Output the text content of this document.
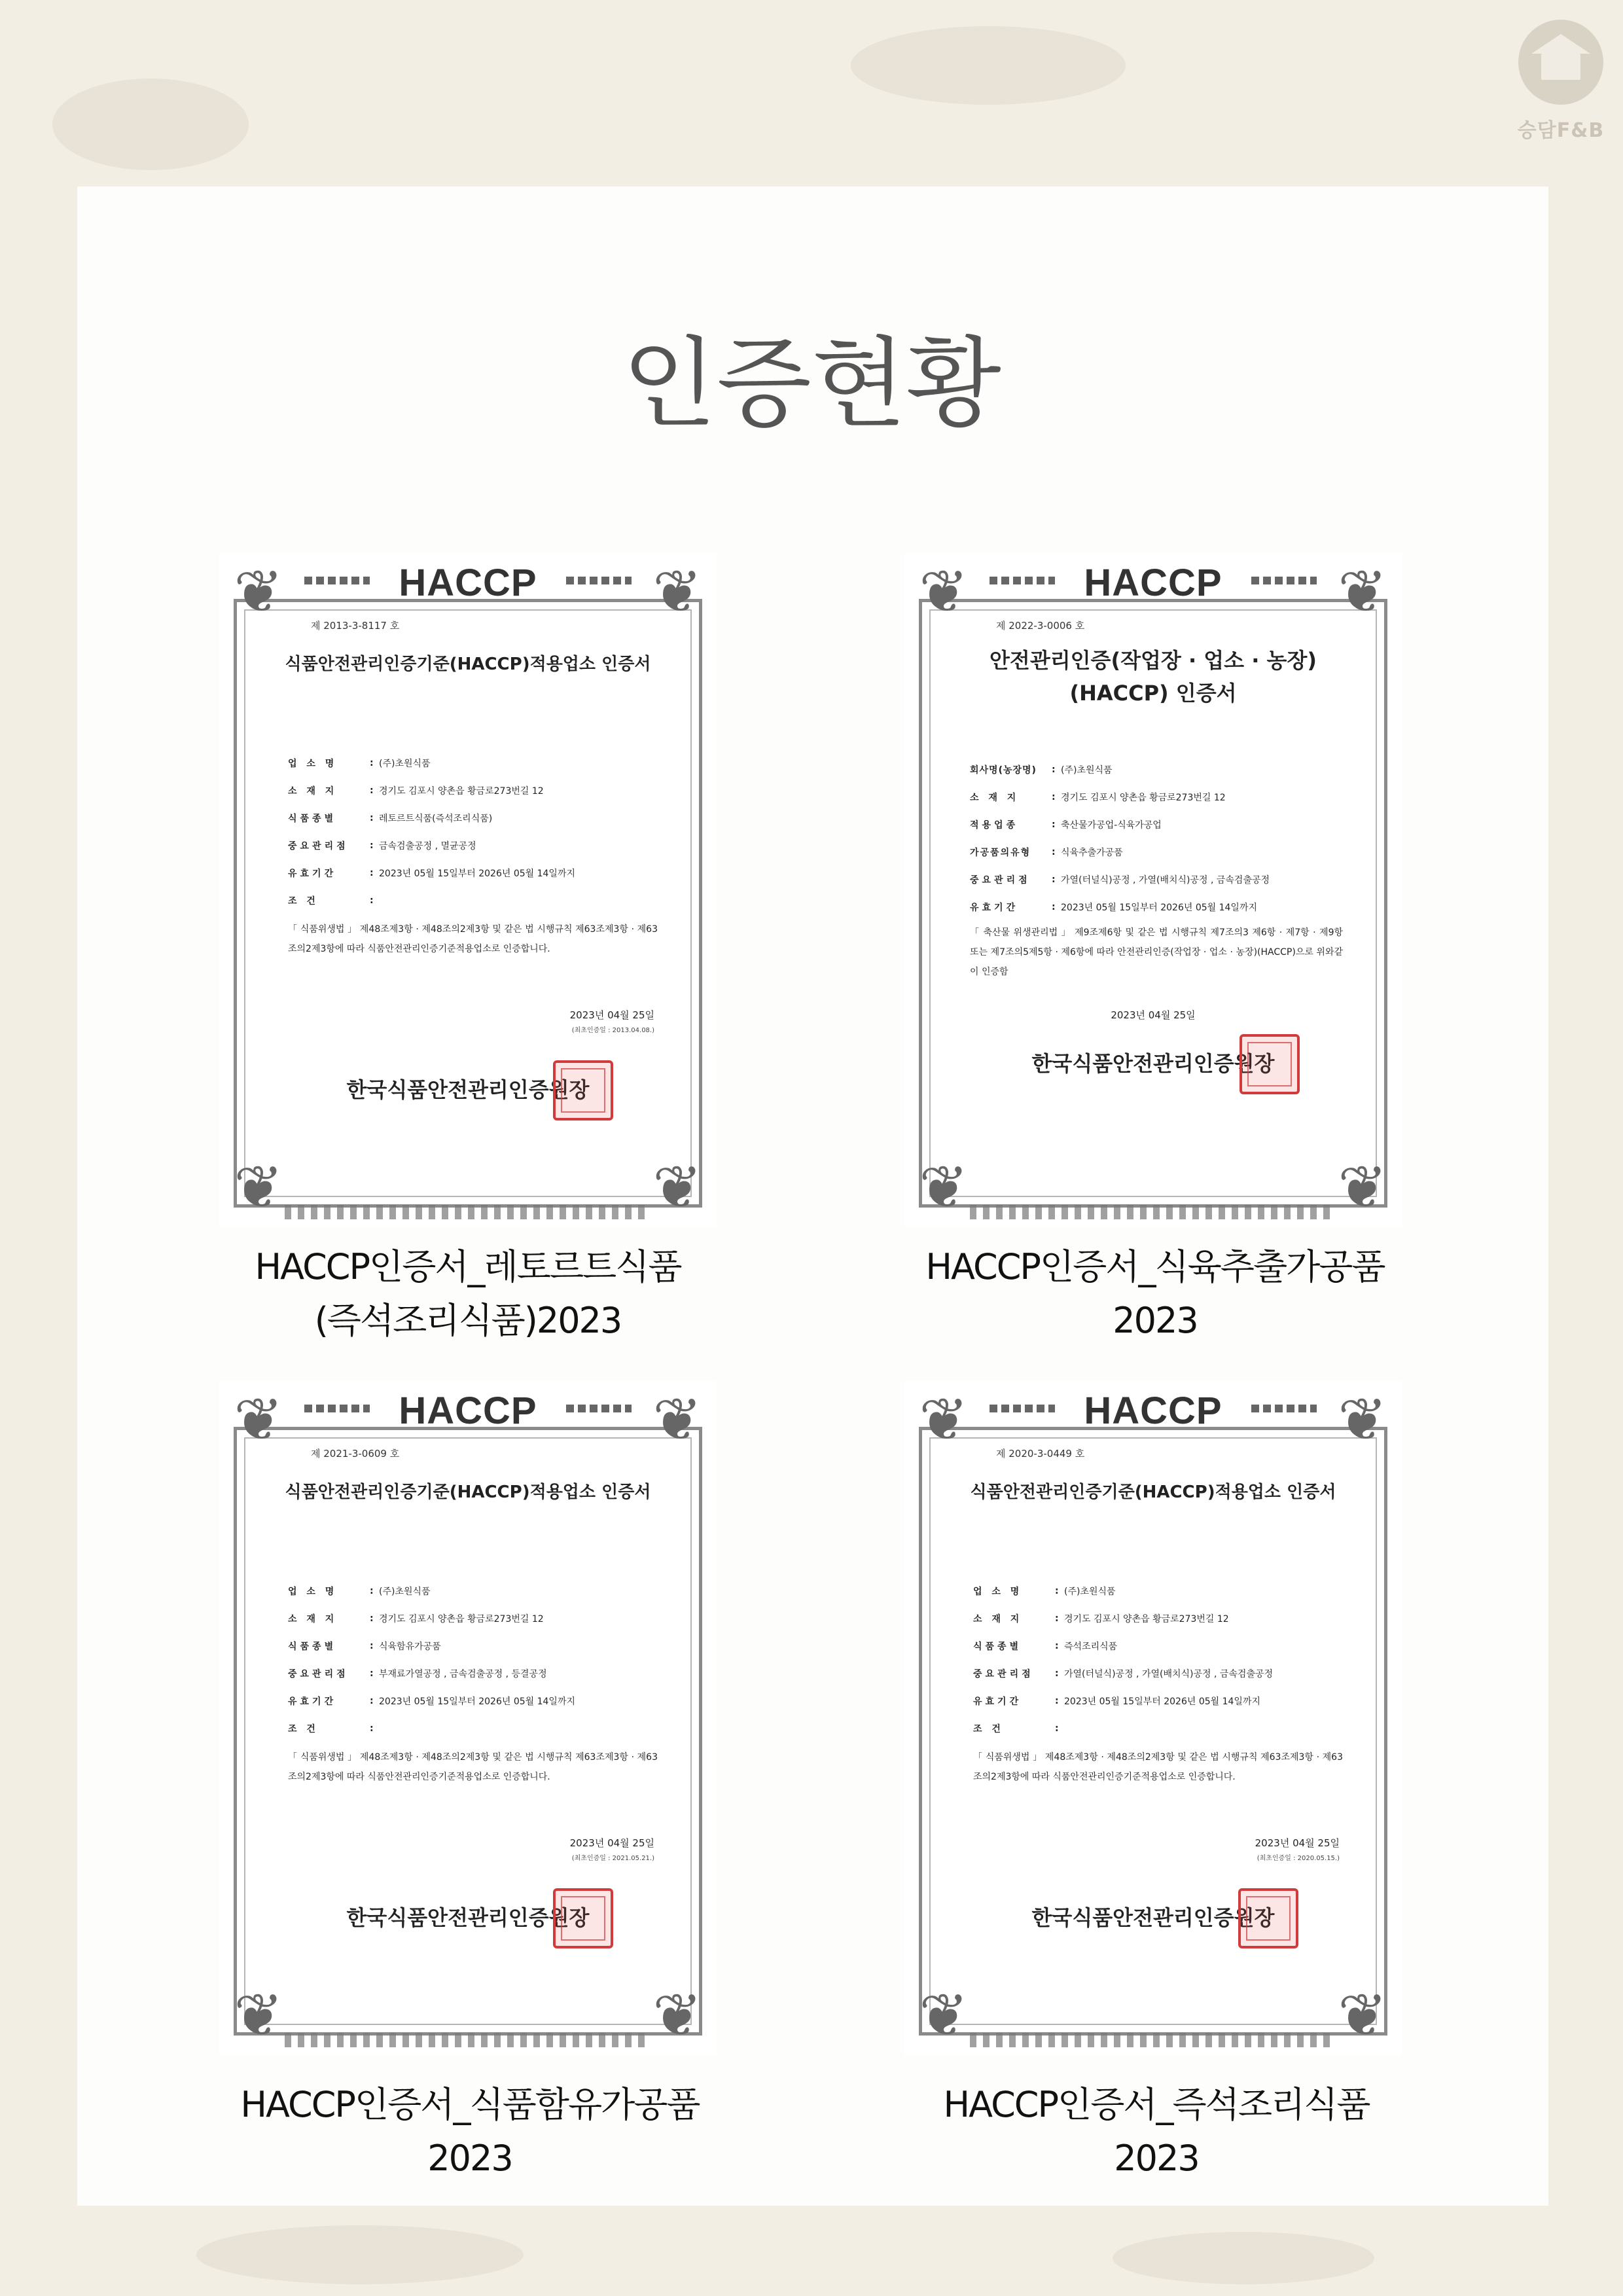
승담F&B
인증현황
❦	❦
❦	❦
HACCP
제 2013-3-8117 호
식품안전관리인증기준(HACCP)적용업소 인증서
업 소 명	: (주)초원식품
소 재 지	: 경기도 김포시 양촌읍 황금로273번길 12
식품종별	: 레토르트식품(즉석조리식품)
중요관리점	: 금속검출공정 , 멸균공정
유효기간	: 2023년 05월 15일부터 2026년 05월 14일까지
조 건	:
「 식품위생법 」 제48조제3항 · 제48조의2제3항 및 같은 법 시행규칙 제63조제3항 · 제63조의2제3항에 따라 식품안전관리인증기준적용업소로 인증합니다.
2023년 04월 25일
(최초인증일 : 2013.04.08.)
한국식품안전관리인증원장
❦	❦
❦	❦
HACCP
제 2022-3-0006 호
안전관리인증(작업장 · 업소 · 농장)
(HACCP) 인증서
회사명(농장명)	: (주)초원식품
소 재 지	: 경기도 김포시 양촌읍 황금로273번길 12
적용업종	: 축산물가공업-식육가공업
가공품의유형	: 식육추출가공품
중요관리점	: 가열(터널식)공정 , 가열(배치식)공정 , 금속검출공정
유효기간	: 2023년 05월 15일부터 2026년 05월 14일까지
「 축산물 위생관리법 」 제9조제6항 및 같은 법 시행규칙 제7조의3 제6항 · 제7항 · 제9항 또는 제7조의5제5항 · 제6항에 따라 안전관리인증(작업장 · 업소 · 농장)(HACCP)으로 위와같이 인증함
2023년 04월 25일
한국식품안전관리인증원장
❦	❦
❦	❦
HACCP
제 2021-3-0609 호
식품안전관리인증기준(HACCP)적용업소 인증서
업 소 명	: (주)초원식품
소 재 지	: 경기도 김포시 양촌읍 황금로273번길 12
식품종별	: 식육함유가공품
중요관리점	: 부재료가열공정 , 금속검출공정 , 등결공정
유효기간	: 2023년 05월 15일부터 2026년 05월 14일까지
조 건	:
「 식품위생법 」 제48조제3항 · 제48조의2제3항 및 같은 법 시행규칙 제63조제3항 · 제63조의2제3항에 따라 식품안전관리인증기준적용업소로 인증합니다.
2023년 04월 25일
(최초인증일 : 2021.05.21.)
한국식품안전관리인증원장
❦	❦
❦	❦
HACCP
제 2020-3-0449 호
식품안전관리인증기준(HACCP)적용업소 인증서
업 소 명	: (주)초원식품
소 재 지	: 경기도 김포시 양촌읍 황금로273번길 12
식품종별	: 즉석조리식품
중요관리점	: 가열(터널식)공정 , 가열(배치식)공정 , 금속검출공정
유효기간	: 2023년 05월 15일부터 2026년 05월 14일까지
조 건	:
「 식품위생법 」 제48조제3항 · 제48조의2제3항 및 같은 법 시행규칙 제63조제3항 · 제63조의2제3항에 따라 식품안전관리인증기준적용업소로 인증합니다.
2023년 04월 25일
(최초인증일 : 2020.05.15.)
한국식품안전관리인증원장
HACCP인증서_레토르트식품
(즉석조리식품)2023
HACCP인증서_식육추출가공품
2023
HACCP인증서_식품함유가공품
2023
HACCP인증서_즉석조리식품
2023
